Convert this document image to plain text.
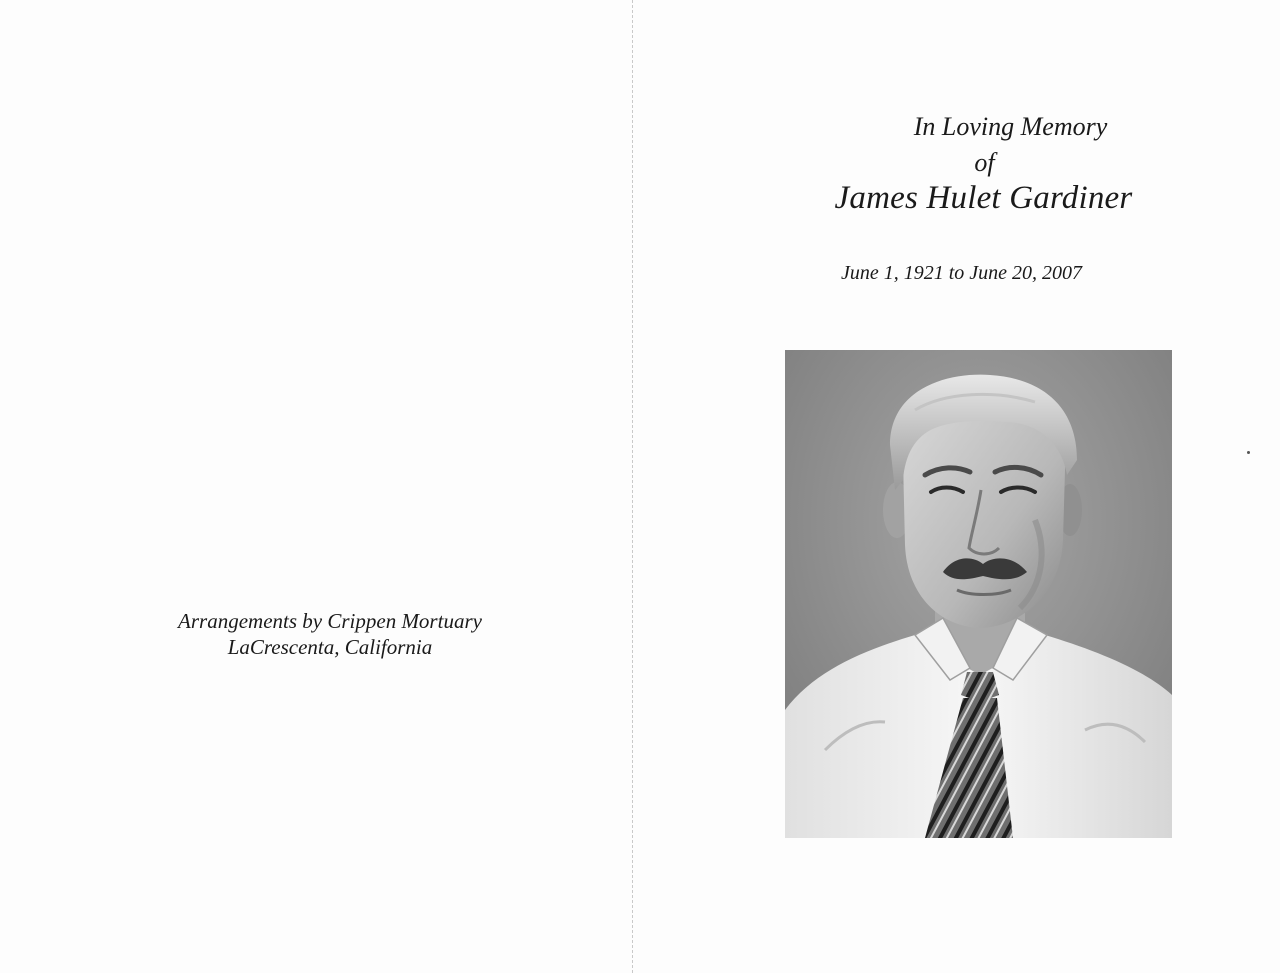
Arrangements by Crippen Mortuary
LaCrescenta, California
In Loving Memory
of
James Hulet Gardiner
June 1, 1921 to June 20, 2007
